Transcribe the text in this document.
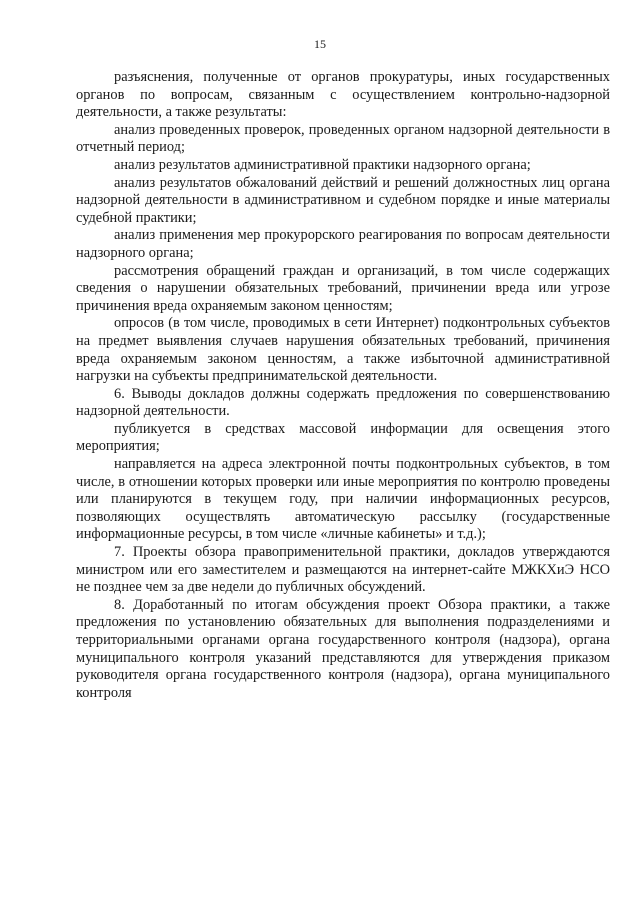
15

разъяснения, полученные от органов прокуратуры, иных государственных органов по вопросам, связанным с осуществлением контрольно-надзорной деятельности, а также результаты:

анализ проведенных проверок, проведенных органом надзорной деятельности в отчетный период;

анализ результатов административной практики надзорного органа;

анализ результатов обжалований действий и решений должностных лиц органа надзорной деятельности в административном и судебном порядке и иные материалы судебной практики;

анализ применения мер прокурорского реагирования по вопросам деятельности надзорного органа;

рассмотрения обращений граждан и организаций, в том числе содержащих сведения о нарушении обязательных требований, причинении вреда или угрозе причинения вреда охраняемым законом ценностям;

опросов (в том числе, проводимых в сети Интернет) подконтрольных субъектов на предмет выявления случаев нарушения обязательных требований, причинения вреда охраняемым законом ценностям, а также избыточной административной нагрузки на субъекты предпринимательской деятельности.

6. Выводы докладов должны содержать предложения по совершенствованию надзорной деятельности.

публикуется в средствах массовой информации для освещения этого мероприятия;

направляется на адреса электронной почты подконтрольных субъектов, в том числе, в отношении которых проверки или иные мероприятия по контролю проведены или планируются в текущем году, при наличии информационных ресурсов, позволяющих осуществлять автоматическую рассылку (государственные информационные ресурсы, в том числе «личные кабинеты» и т.д.);

7. Проекты обзора правоприменительной практики, докладов утверждаются министром или его заместителем и размещаются на интернет-сайте МЖКХиЭ НСО не позднее чем за две недели до публичных обсуждений.

8. Доработанный по итогам обсуждения проект Обзора практики, а также предложения по установлению обязательных для выполнения подразделениями и территориальными органами органа государственного контроля (надзора), органа муниципального контроля указаний представляются для утверждения приказом руководителя органа государственного контроля (надзора), органа муниципального контроля
